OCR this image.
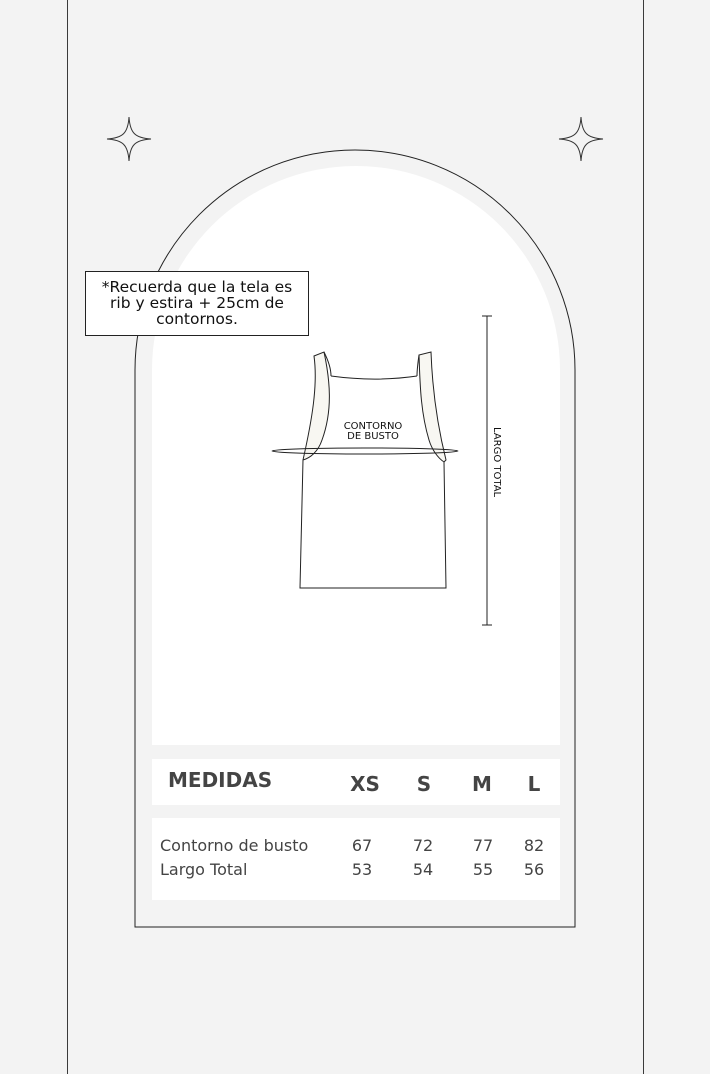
*Recuerda que la tela es
rib y estira + 25cm de
contornos.
CONTORNO
DE BUSTO	LARGO TOTAL
MEDIDAS	XS	S	M	L
Contorno de busto	67	72	77	82
Largo Total	53	54	55	56
